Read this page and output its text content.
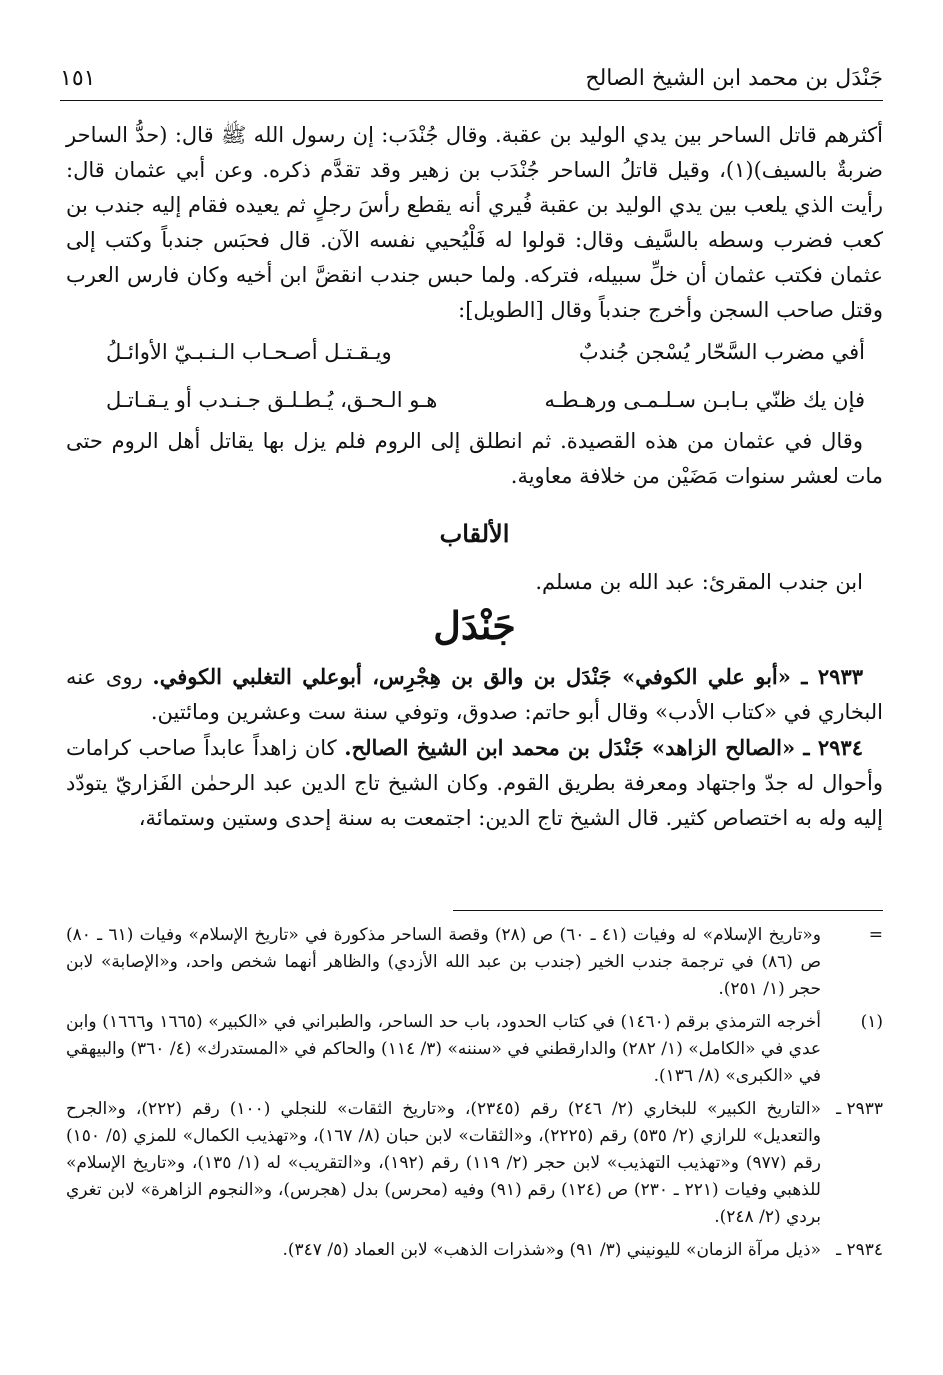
جَنْدَل بن محمد ابن الشيخ الصالح
١٥١

أكثرهم قاتل الساحر بين يدي الوليد بن عقبة. وقال جُنْدَب: إن رسول الله ﷺ قال: (حدُّ الساحر ضربةٌ بالسيف)(١)، وقيل قاتلُ الساحر جُنْدَب بن زهير وقد تقدَّم ذكره. وعن أبي عثمان قال: رأيت الذي يلعب بين يدي الوليد بن عقبة فُيري أنه يقطع رأسَ رجلٍ ثم يعيده فقام إليه جندب بن كعب فضرب وسطه بالسَّيف وقال: قولوا له فَلْيُحيي نفسه الآن. قال فحبَس جندباً وكتب إلى عثمان فكتب عثمان أن خلِّ سبيله، فتركه. ولما حبس جندب انقضَّ ابن أخيه وكان فارس العرب وقتل صاحب السجن وأخرج جندباً وقال [الطويل]:

أفي مضرب السَّحّار يُسْجن جُندبٌ
ويـقـتـل أصـحـاب الـنـبـيّ الأوائـلُ
فإن يك ظنّي بـابـن سـلـمـى ورهـطـه
هـو الـحـق، يُـطـلـق جـنـدب أو يـقـاتـل

وقال في عثمان من هذه القصيدة. ثم انطلق إلى الروم فلم يزل بها يقاتل أهل الروم حتى مات لعشر سنوات مَضَيْن من خلافة معاوية.

الألقاب

ابن جندب المقرئ: عبد الله بن مسلم.

جَنْدَل

٢٩٣٣ ـ «أبو علي الكوفي» جَنْدَل بن والق بن هِجْرِس، أبوعلي التغلبي الكوفي. روى عنه البخاري في «كتاب الأدب» وقال أبو حاتم: صدوق، وتوفي سنة ست وعشرين ومائتين.

٢٩٣٤ ـ «الصالح الزاهد» جَنْدَل بن محمد ابن الشيخ الصالح. كان زاهداً عابداً صاحب كرامات وأحوال له جدّ واجتهاد ومعرفة بطريق القوم. وكان الشيخ تاج الدين عبد الرحمٰن الفَزاريّ يتودّد إليه وله به اختصاص كثير. قال الشيخ تاج الدين: اجتمعت به سنة إحدى وستين وستمائة،

=
و«تاريخ الإسلام» له وفيات (٤١ ـ ٦٠) ص (٢٨) وقصة الساحر مذكورة في «تاريخ الإسلام» وفيات (٦١ ـ ٨٠) ص (٨٦) في ترجمة جندب الخير (جندب بن عبد الله الأزدي) والظاهر أنهما شخص واحد، و«الإصابة» لابن حجر (١/ ٢٥١).
(١)
أخرجه الترمذي برقم (١٤٦٠) في كتاب الحدود، باب حد الساحر، والطبراني في «الكبير» (١٦٦٥ و١٦٦٦) وابن عدي في «الكامل» (١/ ٢٨٢) والدارقطني في «سننه» (٣/ ١١٤) والحاكم في «المستدرك» (٤/ ٣٦٠) والبيهقي في «الكبرى» (٨/ ١٣٦).
٢٩٣٣ ـ
«التاريخ الكبير» للبخاري (٢/ ٢٤٦) رقم (٢٣٤٥)، و«تاريخ الثقات» للنجلي (١٠٠) رقم (٢٢٢)، و«الجرح والتعديل» للرازي (٢/ ٥٣٥) رقم (٢٢٢٥)، و«الثقات» لابن حبان (٨/ ١٦٧)، و«تهذيب الكمال» للمزي (٥/ ١٥٠) رقم (٩٧٧) و«تهذيب التهذيب» لابن حجر (٢/ ١١٩) رقم (١٩٢)، و«التقريب» له (١/ ١٣٥)، و«تاريخ الإسلام» للذهبي وفيات (٢٢١ ـ ٢٣٠) ص (١٢٤) رقم (٩١) وفيه (محرس) بدل (هجرس)، و«النجوم الزاهرة» لابن تغري بردي (٢/ ٢٤٨).
٢٩٣٤ ـ
«ذيل مرآة الزمان» لليونيني (٣/ ٩١) و«شذرات الذهب» لابن العماد (٥/ ٣٤٧).
